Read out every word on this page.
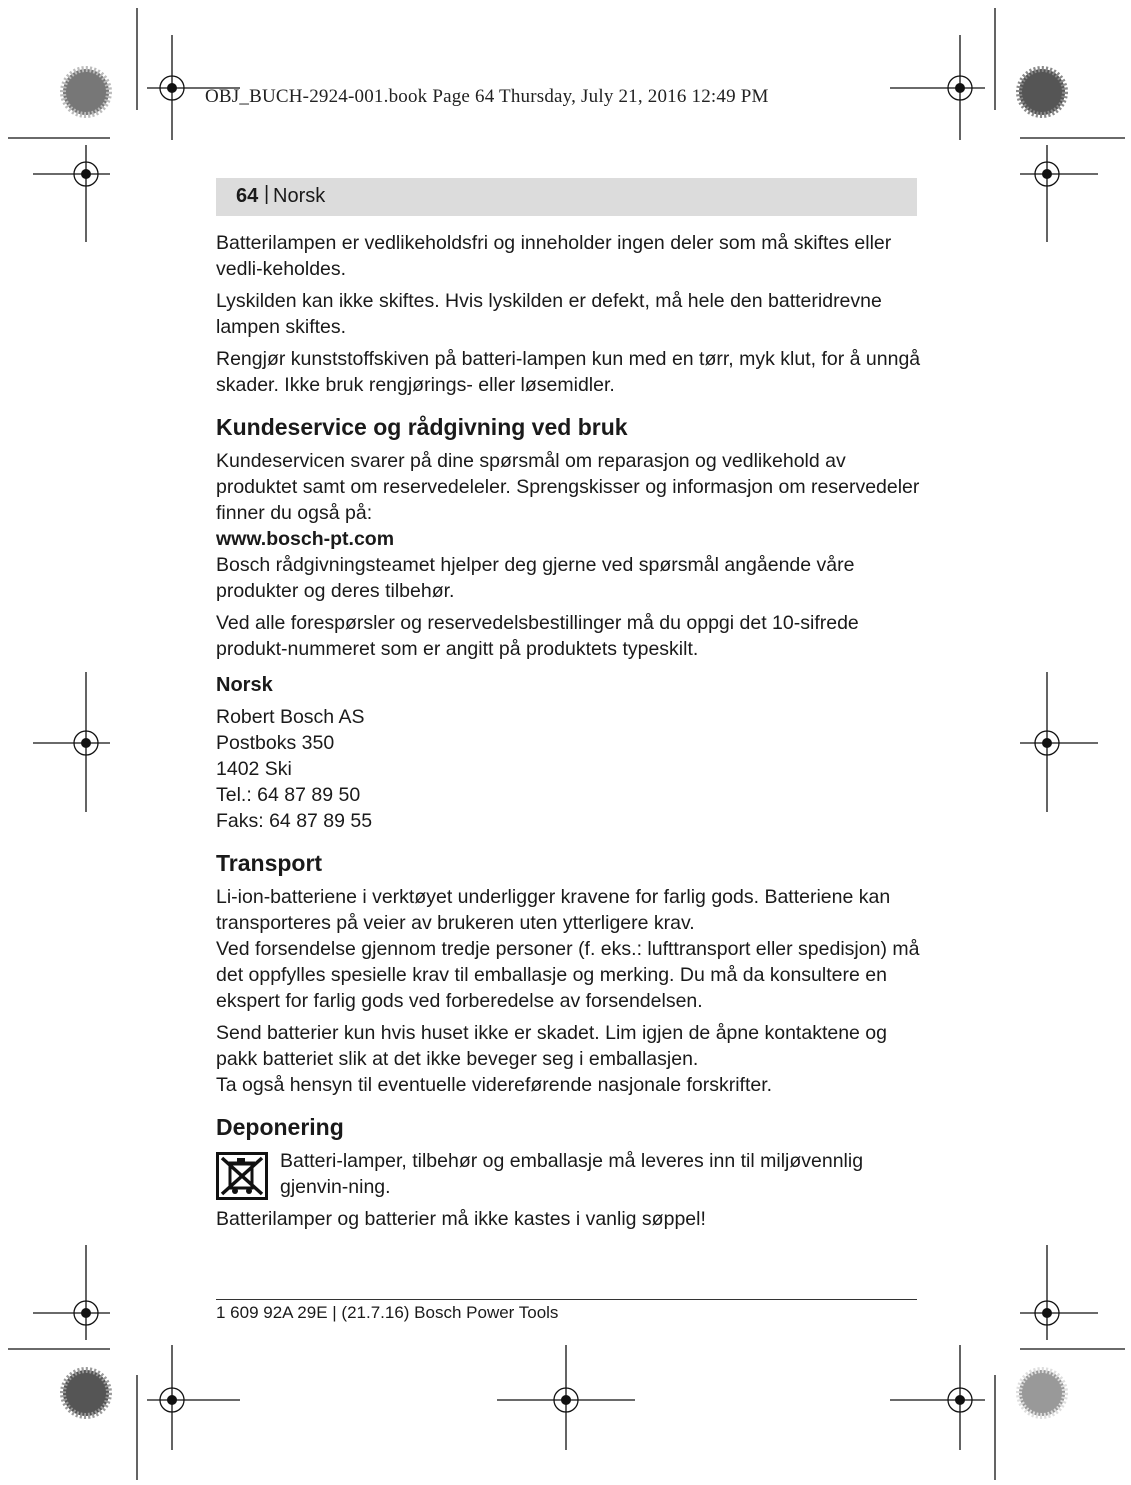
OBJ_BUCH-2924-001.book Page 64 Thursday, July 21, 2016 12:49 PM
64 | Norsk

Batterilampen er vedlikeholdsfri og inneholder ingen deler som må skiftes eller vedli-keholdes.

Lyskilden kan ikke skiftes. Hvis lyskilden er defekt, må hele den batteridrevne lampen skiftes.

Rengjør kunststoffskiven på batteri-lampen kun med en tørr, myk klut, for å unngå skader. Ikke bruk rengjørings- eller løsemidler.

Kundeservice og rådgivning ved bruk

Kundeservicen svarer på dine spørsmål om reparasjon og vedlikehold av produktet samt om reservedeleler. Sprengskisser og informasjon om reservedeler finner du også på:

www.bosch-pt.com

Bosch rådgivningsteamet hjelper deg gjerne ved spørsmål angående våre produkter og deres tilbehør.

Ved alle forespørsler og reservedelsbestillinger må du oppgi det 10-sifrede produkt-nummeret som er angitt på produktets typeskilt.

Norsk

Robert Bosch AS

Postboks 350

1402 Ski

Tel.: 64 87 89 50

Faks: 64 87 89 55

Transport

Li-ion-batteriene i verktøyet underligger kravene for farlig gods. Batteriene kan transporteres på veier av brukeren uten ytterligere krav.

Ved forsendelse gjennom tredje personer (f. eks.: lufttransport eller spedisjon) må det oppfylles spesielle krav til emballasje og merking. Du må da konsultere en ekspert for farlig gods ved forberedelse av forsendelsen.

Send batterier kun hvis huset ikke er skadet. Lim igjen de åpne kontaktene og pakk batteriet slik at det ikke beveger seg i emballasjen.

Ta også hensyn til eventuelle videreførende nasjonale forskrifter.

Deponering
Batteri-lamper, tilbehør og emballasje må leveres inn til miljøvennlig gjenvin-ning.

Batterilamper og batterier må ikke kastes i vanlig søppel!

1 609 92A 29E | (21.7.16) Bosch Power Tools
